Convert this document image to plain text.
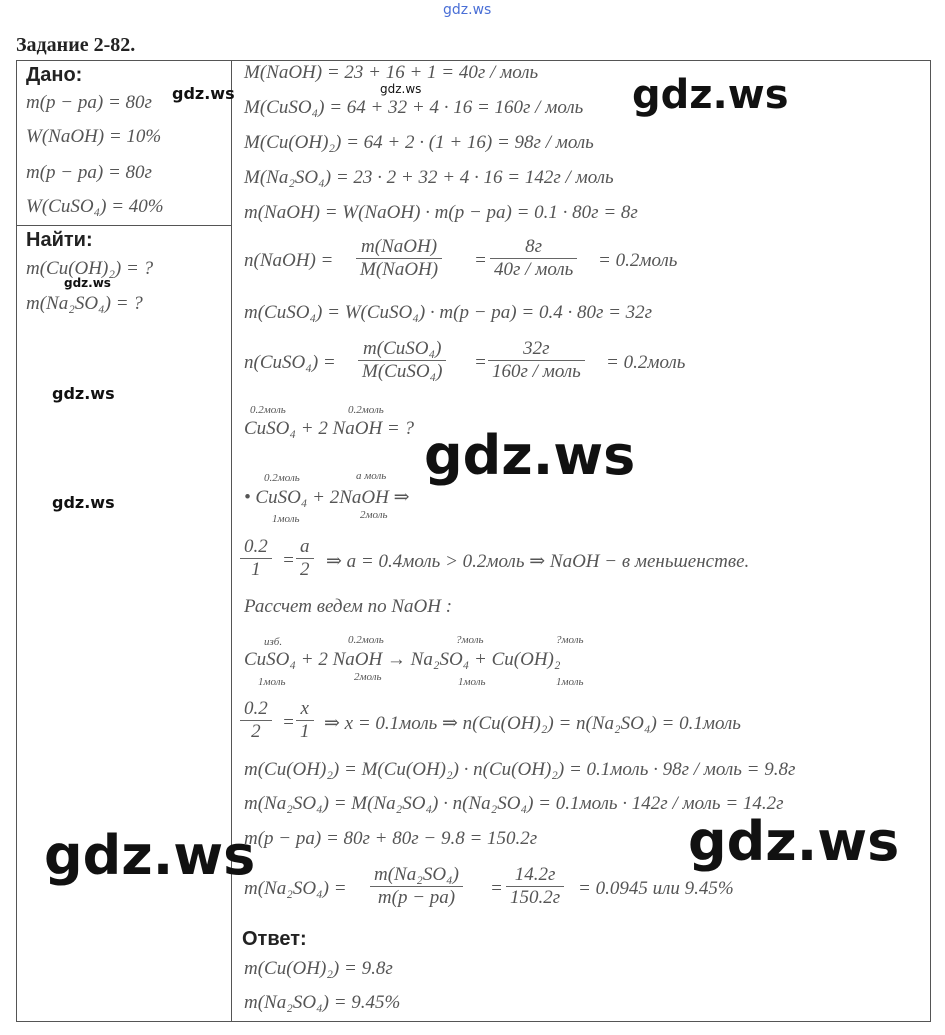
gdz.ws
Задание 2-82.
Дано:
m(p − pa) = 80г
W(NaOH) = 10%
m(p − pa) = 80г
W(CuSO₄) = 40%
Найти:
m(Cu(OH)₂) = ?
m(Na₂SO₄) = ?
M(NaOH) = 23 + 16 + 1 = 40г / моль
M(CuSO₄) = 64 + 32 + 4 · 16 = 160г / моль
M(Cu(OH)₂) = 64 + 2 · (1 + 16) = 98г / моль
M(Na₂SO₄) = 23 · 2 + 32 + 4 · 16 = 142г / моль
m(NaOH) = W(NaOH) · m(p − pa) = 0.1 · 80г = 8г
n(NaOH) =
m(NaOH)
M(NaOH) =
8г
40г / моль = 0.2моль
m(CuSO₄) = W(CuSO₄) · m(p − pa) = 0.4 · 80г = 32г
n(CuSO₄) =
m(CuSO₄)
M(CuSO₄) =
32г
160г / моль = 0.2моль
0.2моль	0.2моль
CuSO₄ + 2 NaOH = ?
0.2моль	a моль
• CuSO₄ + 2NaOH ⇒
1моль	2моль
$\frac{0.2}{1} = \frac{a}{2}$ ⇒ a = 0.4моль > 0.2моль ⇒ NaOH − в меньшенстве.
Рассчет ведем по NaOH :
изб.	0.2моль	?моль	?моль
CuSO₄ + 2 NaOH → Na₂SO₄ + Cu(OH)₂
1моль	2моль	1моль	1моль
$\frac{0.2}{2} = \frac{x}{1}$ ⇒ x = 0.1моль ⇒ n(Cu(OH)₂) = n(Na₂SO₄) = 0.1моль
m(Cu(OH)₂) = M(Cu(OH)₂) · n(Cu(OH)₂) = 0.1моль · 98г / моль = 9.8г
m(Na₂SO₄) = M(Na₂SO₄) · n(Na₂SO₄) = 0.1моль · 142г / моль = 14.2г
m(p − pa) = 80г + 80г − 9.8 = 150.2г
$m(Na_2SO_4) = \frac{\text{m(Na₂SO₄)}}{m(p - pa)}$ =
14.2г
150.2г = 0.0945 или 9.45%
Ответ:
m(Cu(OH)₂) = 9.8г
m(Na₂SO₄) = 9.45%
gdz.ws	gdz.ws	gdz.ws
gdz.ws
gdz.ws
gdz.ws
gdz.ws
gdz.ws	gdz.ws
